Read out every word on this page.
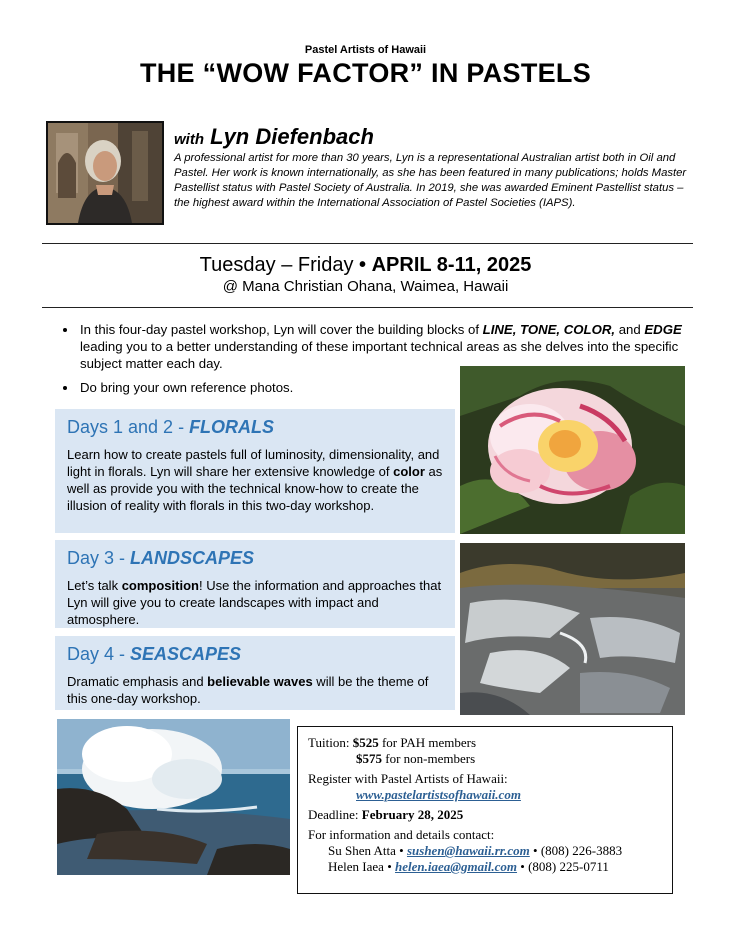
Pastel Artists of Hawaii
THE “WOW FACTOR” IN PASTELS
with Lyn Diefenbach
A professional artist for more than 30 years, Lyn is a representational Australian artist both in Oil and Pastel. Her work is known internationally, as she has been featured in many publications; holds Master Pastellist status with Pastel Society of Australia. In 2019, she was awarded Eminent Pastellist status – the highest award within the International Association of Pastel Societies (IAPS).
Tuesday – Friday • APRIL 8-11, 2025
@ Mana Christian Ohana, Waimea, Hawaii
• In this four-day pastel workshop, Lyn will cover the building blocks of LINE, TONE, COLOR, and EDGE leading you to a better understanding of these important technical areas as she delves into the specific subject matter each day.
• Do bring your own reference photos.
Days 1 and 2 - FLORALS

Learn how to create pastels full of luminosity, dimensionality, and light in florals. Lyn will share her extensive knowledge of color as well as provide you with the technical know-how to create the illusion of reality with florals in this two-day workshop.

Day 3 - LANDSCAPES

Let’s talk composition! Use the information and approaches that Lyn will give you to create landscapes with impact and atmosphere.

Day 4 - SEASCAPES

Dramatic emphasis and believable waves will be the theme of this one-day workshop.

Tuition: $525 for PAH members
$575 for non-members
Register with Pastel Artists of Hawaii:
www.pastelartistsofhawaii.com
Deadline: February 28, 2025
For information and details contact:
Su Shen Atta • sushen@hawaii.rr.com • (808) 226-3883
Helen Iaea • helen.iaea@gmail.com • (808) 225-0711
